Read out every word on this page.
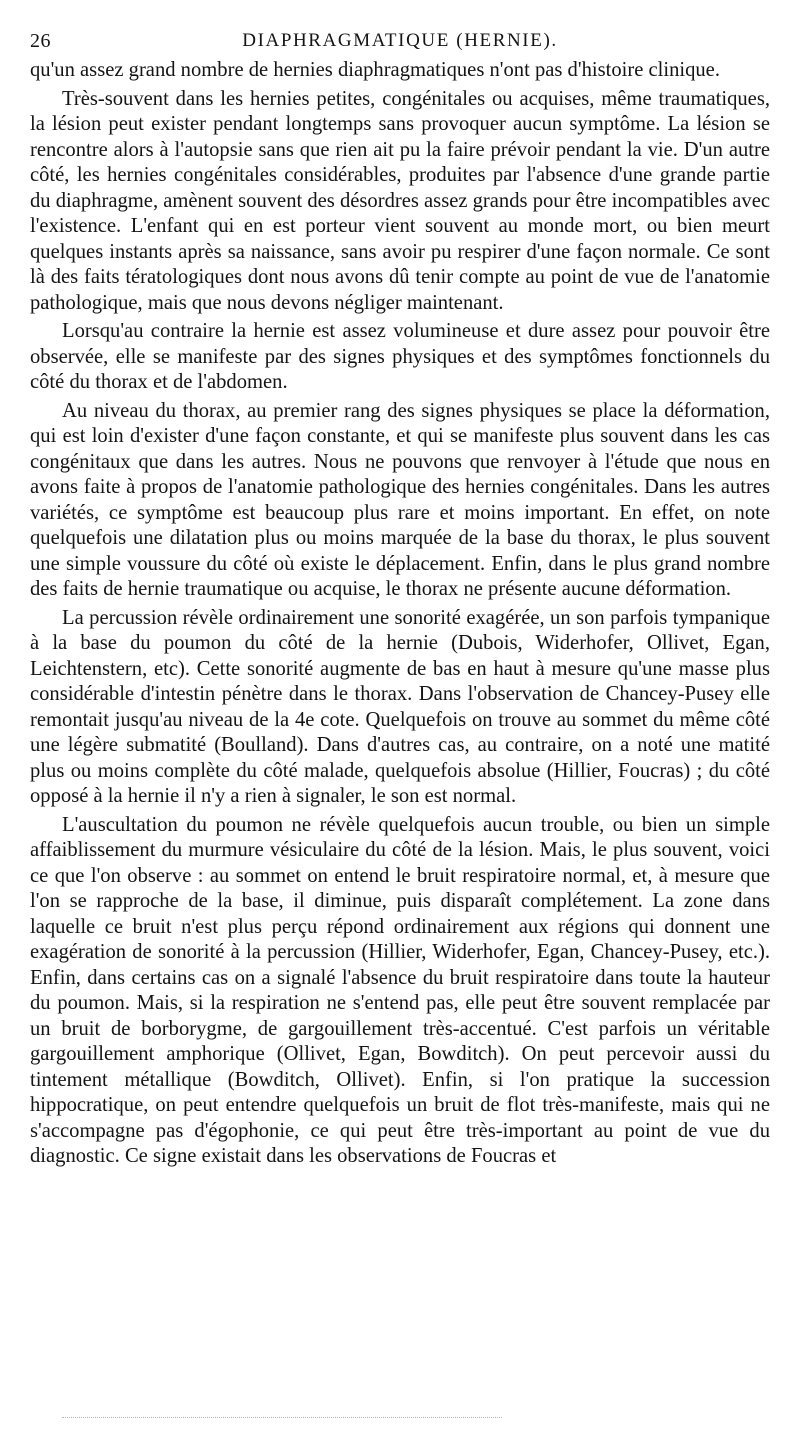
26	DIAPHRAGMATIQUE (HERNIE).

qu'un assez grand nombre de hernies diaphragmatiques n'ont pas d'histoire clinique.

Très-souvent dans les hernies petites, congénitales ou acquises, même traumatiques, la lésion peut exister pendant longtemps sans provoquer aucun symptôme. La lésion se rencontre alors à l'autopsie sans que rien ait pu la faire prévoir pendant la vie. D'un autre côté, les hernies congénitales considérables, produites par l'absence d'une grande partie du diaphragme, amènent souvent des désordres assez grands pour être incompatibles avec l'existence. L'enfant qui en est porteur vient souvent au monde mort, ou bien meurt quelques instants après sa naissance, sans avoir pu respirer d'une façon normale. Ce sont là des faits tératologiques dont nous avons dû tenir compte au point de vue de l'anatomie pathologique, mais que nous devons négliger maintenant.

Lorsqu'au contraire la hernie est assez volumineuse et dure assez pour pouvoir être observée, elle se manifeste par des signes physiques et des symptômes fonctionnels du côté du thorax et de l'abdomen.

Au niveau du thorax, au premier rang des signes physiques se place la déformation, qui est loin d'exister d'une façon constante, et qui se manifeste plus souvent dans les cas congénitaux que dans les autres. Nous ne pouvons que renvoyer à l'étude que nous en avons faite à propos de l'anatomie pathologique des hernies congénitales. Dans les autres variétés, ce symptôme est beaucoup plus rare et moins important. En effet, on note quelquefois une dilatation plus ou moins marquée de la base du thorax, le plus souvent une simple voussure du côté où existe le déplacement. Enfin, dans le plus grand nombre des faits de hernie traumatique ou acquise, le thorax ne présente aucune déformation.

La percussion révèle ordinairement une sonorité exagérée, un son parfois tympanique à la base du poumon du côté de la hernie (Dubois, Widerhofer, Ollivet, Egan, Leichtenstern, etc). Cette sonorité augmente de bas en haut à mesure qu'une masse plus considérable d'intestin pénètre dans le thorax. Dans l'observation de Chancey-Pusey elle remontait jusqu'au niveau de la 4e cote. Quelquefois on trouve au sommet du même côté une légère submatité (Boulland). Dans d'autres cas, au contraire, on a noté une matité plus ou moins complète du côté malade, quelquefois absolue (Hillier, Foucras) ; du côté opposé à la hernie il n'y a rien à signaler, le son est normal.

L'auscultation du poumon ne révèle quelquefois aucun trouble, ou bien un simple affaiblissement du murmure vésiculaire du côté de la lésion. Mais, le plus souvent, voici ce que l'on observe : au sommet on entend le bruit respiratoire normal, et, à mesure que l'on se rapproche de la base, il diminue, puis disparaît complétement. La zone dans laquelle ce bruit n'est plus perçu répond ordinairement aux régions qui donnent une exagération de sonorité à la percussion (Hillier, Widerhofer, Egan, Chancey-Pusey, etc.). Enfin, dans certains cas on a signalé l'absence du bruit respiratoire dans toute la hauteur du poumon. Mais, si la respiration ne s'entend pas, elle peut être souvent remplacée par un bruit de borborygme, de gargouillement très-accentué. C'est parfois un véritable gargouillement amphorique (Ollivet, Egan, Bowditch). On peut percevoir aussi du tintement métallique (Bowditch, Ollivet). Enfin, si l'on pratique la succession hippocratique, on peut entendre quelquefois un bruit de flot très-manifeste, mais qui ne s'accompagne pas d'égophonie, ce qui peut être très-important au point de vue du diagnostic. Ce signe existait dans les observations de Foucras et
